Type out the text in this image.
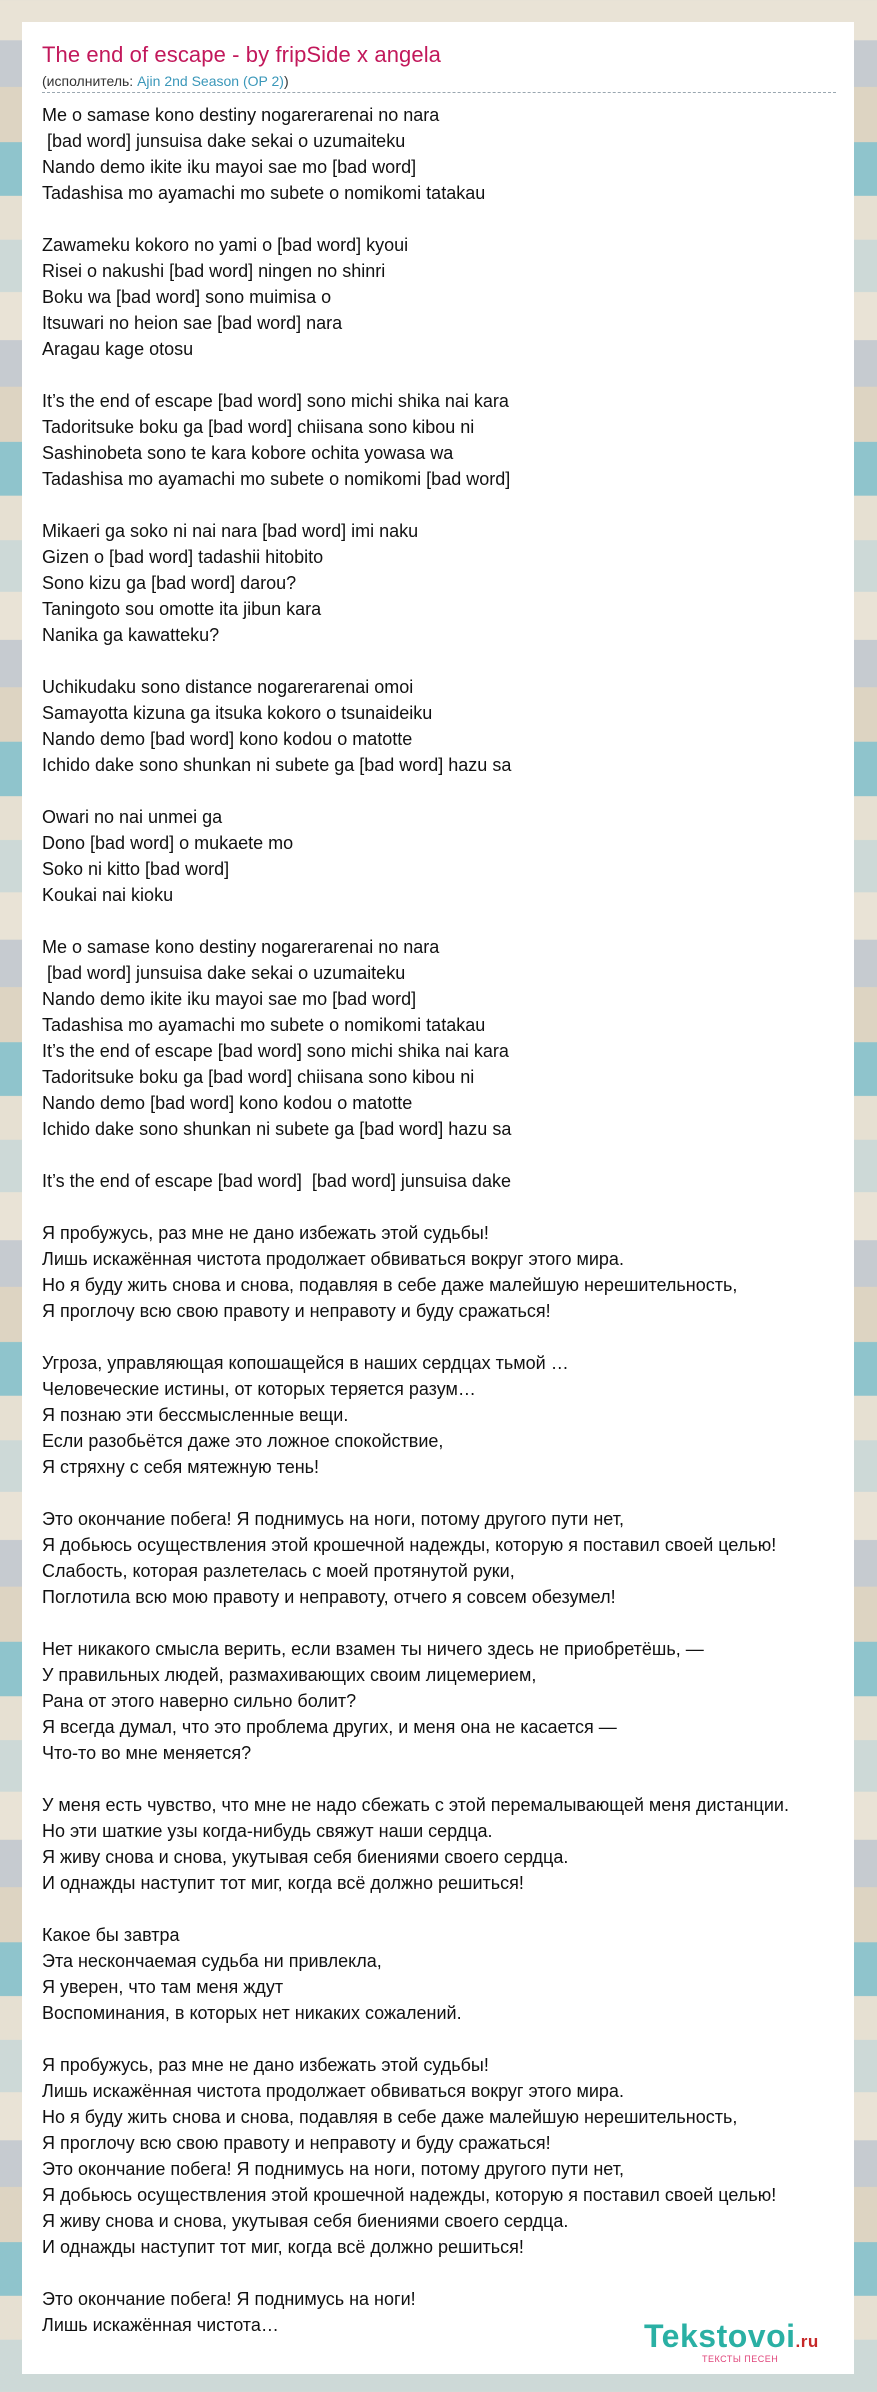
The end of escape - by fripSide x angela
(исполнитель: Ajin 2nd Season (OP 2))
Me o samase kono destiny nogarerarenai no nara
[bad word] junsuisa dake sekai o uzumaiteku
Nando demo ikite iku mayoi sae mo [bad word]
Tadashisa mo ayamachi mo subete o nomikomi tatakau
Zawameku kokoro no yami o [bad word] kyoui
Risei o nakushi [bad word] ningen no shinri
Boku wa [bad word] sono muimisa o
Itsuwari no heion sae [bad word] nara
Aragau kage otosu
It’s the end of escape [bad word] sono michi shika nai kara
Tadoritsuke boku ga [bad word] chiisana sono kibou ni
Sashinobeta sono te kara kobore ochita yowasa wa
Tadashisa mo ayamachi mo subete o nomikomi [bad word]
Mikaeri ga soko ni nai nara [bad word] imi naku
Gizen o [bad word] tadashii hitobito
Sono kizu ga [bad word] darou?
Taningoto sou omotte ita jibun kara
Nanika ga kawatteku?
Uchikudaku sono distance nogarerarenai omoi
Samayotta kizuna ga itsuka kokoro o tsunaideiku
Nando demo [bad word] kono kodou o matotte
Ichido dake sono shunkan ni subete ga [bad word] hazu sa
Owari no nai unmei ga
Dono [bad word] o mukaete mo
Soko ni kitto [bad word]
Koukai nai kioku
Me o samase kono destiny nogarerarenai no nara
[bad word] junsuisa dake sekai o uzumaiteku
Nando demo ikite iku mayoi sae mo [bad word]
Tadashisa mo ayamachi mo subete o nomikomi tatakau
It’s the end of escape [bad word] sono michi shika nai kara
Tadoritsuke boku ga [bad word] chiisana sono kibou ni
Nando demo [bad word] kono kodou o matotte
Ichido dake sono shunkan ni subete ga [bad word] hazu sa
It’s the end of escape [bad word]  [bad word] junsuisa dake
Я пробужусь, раз мне не дано избежать этой судьбы!
Лишь искажённая чистота продолжает обвиваться вокруг этого мира.
Но я буду жить снова и снова, подавляя в себе даже малейшую нерешительность,
Я проглочу всю свою правоту и неправоту и буду сражаться!
Угроза, управляющая копошащейся в наших сердцах тьмой …
Человеческие истины, от которых теряется разум…
Я познаю эти бессмысленные вещи.
Если разобьётся даже это ложное спокойствие,
Я стряхну с себя мятежную тень!
Это окончание побега! Я поднимусь на ноги, потому другого пути нет,
Я добьюсь осуществления этой крошечной надежды, которую я поставил своей целью!
Слабость, которая разлетелась с моей протянутой руки,
Поглотила всю мою правоту и неправоту, отчего я совсем обезумел!
Нет никакого смысла верить, если взамен ты ничего здесь не приобретёшь, —
У правильных людей, размахивающих своим лицемерием,
Рана от этого наверно сильно болит?
Я всегда думал, что это проблема других, и меня она не касается —
Что-то во мне меняется?
У меня есть чувство, что мне не надо сбежать с этой перемалывающей меня дистанции.
Но эти шаткие узы когда-нибудь свяжут наши сердца.
Я живу снова и снова, укутывая себя биениями своего сердца.
И однажды наступит тот миг, когда всё должно решиться!
Какое бы завтра
Эта нескончаемая судьба ни привлекла,
Я уверен, что там меня ждут
Воспоминания, в которых нет никаких сожалений.
Я пробужусь, раз мне не дано избежать этой судьбы!
Лишь искажённая чистота продолжает обвиваться вокруг этого мира.
Но я буду жить снова и снова, подавляя в себе даже малейшую нерешительность,
Я проглочу всю свою правоту и неправоту и буду сражаться!
Это окончание побега! Я поднимусь на ноги, потому другого пути нет,
Я добьюсь осуществления этой крошечной надежды, которую я поставил своей целью!
Я живу снова и снова, укутывая себя биениями своего сердца.
И однажды наступит тот миг, когда всё должно решиться!
Это окончание побега! Я поднимусь на ноги!
Лишь искажённая чистота…	Tekstovoi.ru
ТЕКСТЫ ПЕСЕН
